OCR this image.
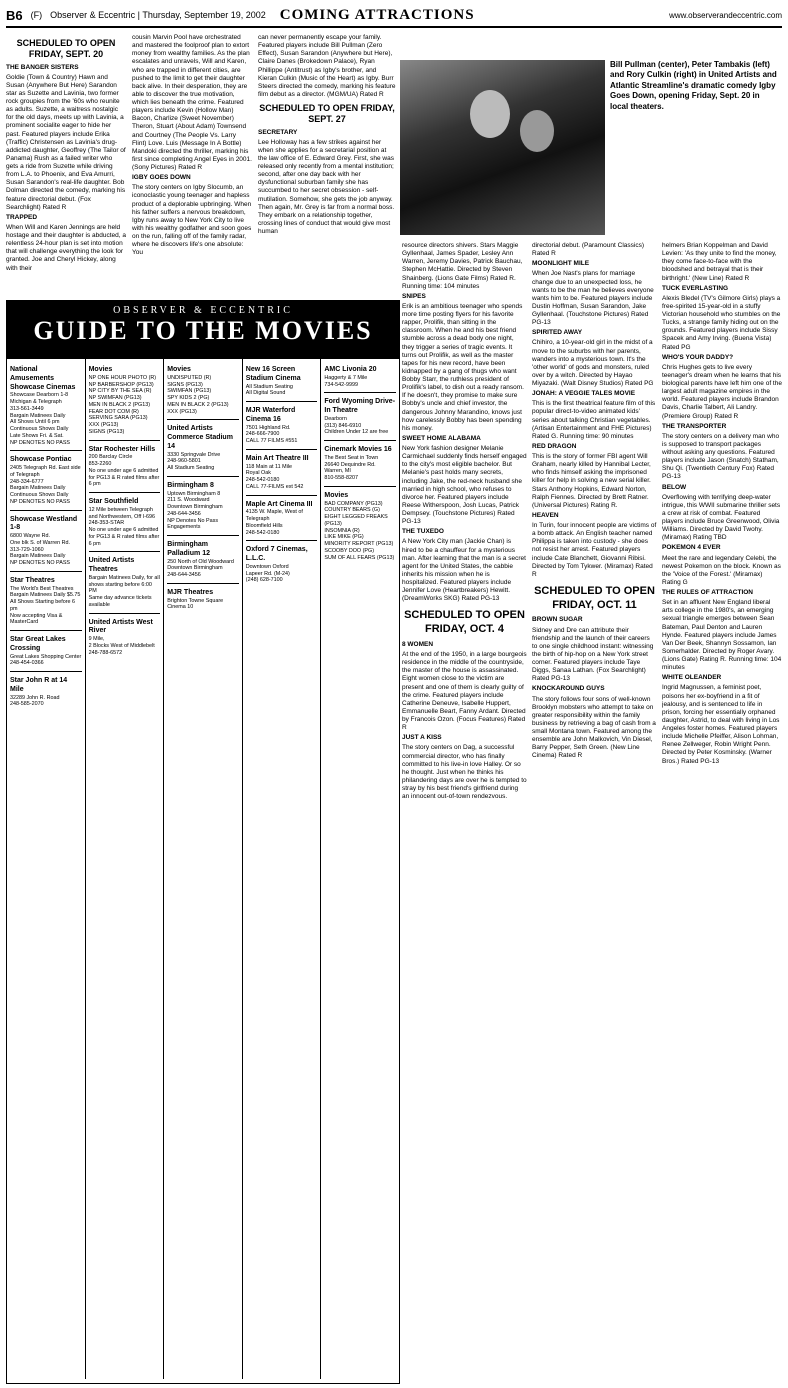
B6 (F) Observer & Eccentric | Thursday, September 19, 2002 COMING ATTRACTIONS	www.observerandeccentric.com
SCHEDULED TO OPEN FRIDAY, SEPT. 20

THE BANGER SISTERS

Goldie (Town & Country) Hawn and Susan (Anywhere But Here) Sarandon star as Suzette and Lavinia, two former rock groupies from the '60s who reunite as adults. Suzette, a waitress nostalgic for the old days, meets up with Lavinia, a prominent socialite eager to hide her past. Featured players include Erika (Traffic) Christensen as Lavinia's drug-addicted daughter, Geoffrey (The Tailor of Panama) Rush as a failed writer who gets a ride from Suzette while driving from L.A. to Phoenix, and Eva Amurri, Susan Sarandon's real-life daughter. Bob Dolman directed the comedy, marking his feature directorial debut. (Fox Searchlight) Rated R

TRAPPED

When Will and Karen Jennings are held hostage and their daughter is abducted, a relentless 24-hour plan is set into motion that will challenge everything the look for granted. Joe and Cheryl Hickey, along with their

cousin Marvin Pool have orchestrated and mastered the foolproof plan to extort money from wealthy families. As the plan escalates and unravels, Will and Karen, who are trapped in different cities, are pushed to the limit to get their daughter back alive. In their desperation, they are able to discover the true motivation, which lies beneath the crime. Featured players include Kevin (Hollow Man) Bacon, Charlize (Sweet November) Theron, Stuart (About Adam) Townsend and Courtney (The People Vs. Larry Flint) Love. Luis (Message In A Bottle) Mandoki directed the thriller, marking his first since completing Angel Eyes in 2001. (Sony Pictures) Rated R

IGBY GOES DOWN

The story centers on Igby Slocumb, an iconoclastic young teenager and hapless product of a deplorable upbringing. When his father suffers a nervous breakdown, Igby runs away to New York City to live with his wealthy godfather and soon goes on the run, falling off of the family radar, where he discovers life's one absolute: You

can never permanently escape your family. Featured players include Bill Pullman (Zero Effect), Susan Sarandon (Anywhere but Here), Claire Danes (Brokedown Palace), Ryan Phillippe (Antitrust) as Igby's brother, and Kieran Culkin (Music of the Heart) as Igby. Burr Steers directed the comedy, marking his feature film debut as a director. (MGM/UA) Rated R

SCHEDULED TO OPEN FRIDAY, SEPT. 27

SECRETARY

Lee Holloway has a few strikes against her when she applies for a secretarial position at the law office of E. Edward Grey. First, she was released only recently from a mental institution; second, after one day back with her dysfunctional suburban family she has succumbed to her secret obsession - self-mutilation. Somehow, she gets the job anyway. Then again, Mr. Grey is far from a normal boss. They embark on a relationship together, crossing lines of conduct that would give most human

Bill Pullman (center), Peter Tambakis (left) and Rory Culkin (right) in United Artists and Atlantic Streamline's dramatic comedy Igby Goes Down, opening Friday, Sept. 20 in local theaters.
OBSERVER & ECCENTRIC
GUIDE TO THE MOVIES
National Amusements Showcase Cinemas
Showcase Dearborn 1-8
Michigan & Telegraph
313-561-3449
Bargain Matinees Daily
All Shows Until 6 pm
Continuous Shows Daily
Late Shows Fri. & Sat.
NP DENOTES NO PASS
Showcase Pontiac
2405 Telegraph Rd. East side of Telegraph
248-334-6777
Bargain Matinees Daily
Continuous Shows Daily
NP DENOTES NO PASS
Showcase Westland 1-8
6800 Wayne Rd.
One blk S. of Warren Rd.
313-729-1060
Bargain Matinees Daily
NP DENOTES NO PASS
Star Theatres
The World's Best Theatres
Bargain Matinees Daily $5.75
All Shows Starting before 6 pm
Now accepting Visa & MasterCard
Star Great Lakes Crossing
Great Lakes Shopping Center
248-454-0366
Star John R at 14 Mile
32289 John R. Road
248-585-2070
Movies
NP ONE HOUR PHOTO (R)
NP BARBERSHOP (PG13)
NP CITY BY THE SEA (R)
NP SWIMFAN (PG13)
MEN IN BLACK 2 (PG13)
FEAR DOT COM (R)
SERVING SARA (PG13)
XXX (PG13)
SIGNS (PG13)
Star Rochester Hills
200 Barclay Circle
853-2260
No one under age 6 admitted for PG13 & R rated films after 6 pm
Star Southfield
12 Mile between Telegraph and Northwestern, Off I-696
248-353-STAR
No one under age 6 admitted for PG13 & R rated films after 6 pm
United Artists Theatres
Bargain Matinees Daily, for all shows starting before 6:00 PM
Same day advance tickets available
United Artists West River
9 Mile,
2 Blocks West of Middlebelt
248-788-6572
Movies
UNDISPUTED (R)
SIGNS (PG13)
SWIMFAN (PG13)
SPY KIDS 2 (PG)
MEN IN BLACK 2 (PG13)
XXX (PG13)
United Artists Commerce Stadium 14
3330 Springvale Drive
248-960-5801
All Stadium Seating
Birmingham 8
Uptown Birmingham 8
211 S. Woodward
Downtown Birmingham
248-644-3456
NP Denotes No Pass Engagements
Birmingham Palladium 12
250 North of Old Woodward
Downtown Birmingham
248-644-3456
MJR Theatres
Brighton Towne Square
Cinema 10
New 16 Screen Stadium Cinema
All Stadium Seating
All Digital Sound
MJR Waterford Cinema 16
7501 Highland Rd.
248-666-7900
CALL 77 FILMS #551
Main Art Theatre III
118 Main at 11 Mile
Royal Oak
248-542-0180
CALL 77-FILMS ext 542
Maple Art Cinema III
4135 W. Maple, West of Telegraph
Bloomfield Hills
248-542-0180
Oxford 7 Cinemas, L.L.C.
Downtown Oxford
Lapeer Rd. (M-24)
(248) 628-7100
AMC Livonia 20
Haggerty & 7 Mile
734-542-9999
Ford Wyoming Drive-In Theatre
Dearborn
(313) 846-6910
Children Under 12 are free
Cinemark Movies 16
The Best Seat in Town
26640 Dequindre Rd.
Warren, MI
810-558-8207
Movies
BAD COMPANY (PG13)
COUNTRY BEARS (G)
EIGHT LEGGED FREAKS (PG13)
INSOMNIA (R)
LIKE MIKE (PG)
MINORITY REPORT (PG13)
SCOOBY DOO (PG)
SUM OF ALL FEARS (PG13)

resource directors shivers. Stars Maggie Gyllenhaal, James Spader, Lesley Ann Warren, Jeremy Davies, Patrick Bauchau, Stephen McHattie. Directed by Steven Shainberg. (Lions Gate Films) Rated R. Running time: 104 minutes

SNIPES

Erik is an ambitious teenager who spends more time posting flyers for his favorite rapper, Prolifik, than sitting in the classroom. When he and his best friend stumble across a dead body one night, they trigger a series of tragic events. It turns out Prolifik, as well as the master tapes for his new record, have been kidnapped by a gang of thugs who want Bobby Starr, the ruthless president of Prolifik's label, to dish out a ready ransom. If he doesn't, they promise to make sure Bobby's uncle and chief investor, the dangerous Johnny Marandino, knows just how carelessly Bobby has been spending his money.

SWEET HOME ALABAMA

New York fashion designer Melanie Carmichael suddenly finds herself engaged to the city's most eligible bachelor. But Melanie's past holds many secrets, including Jake, the red-neck husband she married in high school, who refuses to divorce her. Featured players include Reese Witherspoon, Josh Lucas, Patrick Dempsey. (Touchstone Pictures) Rated PG-13

THE TUXEDO

A New York City man (Jackie Chan) is hired to be a chauffeur for a mysterious man. After learning that the man is a secret agent for the United States, the cabbie inherits his mission when he is hospitalized. Featured players include Jennifer Love (Heartbreakers) Hewitt. (DreamWorks SKG) Rated PG-13

SCHEDULED TO OPEN FRIDAY, OCT. 4

8 WOMEN

At the end of the 1950, in a large bourgeois residence in the middle of the countryside, the master of the house is assassinated. Eight women close to the victim are present and one of them is clearly guilty of the crime. Featured players include Catherine Deneuve, Isabelle Huppert, Emmanuelle Beart, Fanny Ardant. Directed by Francois Ozon. (Focus Features) Rated R

JUST A KISS

The story centers on Dag, a successful commercial director, who has finally committed to his live-in love Halley. Or so he thought. Just when he thinks his philandering days are over he is tempted to stray by his best friend's girlfriend during an innocent out-of-town rendezvous.

directorial debut. (Paramount Classics) Rated R

MOONLIGHT MILE

When Joe Nast's plans for marriage change due to an unexpected loss, he wants to be the man he believes everyone wants him to be. Featured players include Dustin Hoffman, Susan Sarandon, Jake Gyllenhaal. (Touchstone Pictures) Rated PG-13

SPIRITED AWAY

Chihiro, a 10-year-old girl in the midst of a move to the suburbs with her parents, wanders into a mysterious town. It's the 'other world' of gods and monsters, ruled over by a witch. Directed by Hayao Miyazaki. (Walt Disney Studios) Rated PG

JONAH: A VEGGIE TALES MOVIE

This is the first theatrical feature film of this popular direct-to-video animated kids' series about talking Christian vegetables. (Artisan Entertainment and FHE Pictures) Rated G. Running time: 90 minutes

RED DRAGON

This is the story of former FBI agent Will Graham, nearly killed by Hannibal Lecter, who finds himself asking the imprisoned killer for help in solving a new serial killer. Stars Anthony Hopkins, Edward Norton, Ralph Fiennes. Directed by Brett Ratner. (Universal Pictures) Rating R.

HEAVEN

In Turin, four innocent people are victims of a bomb attack. An English teacher named Philippa is taken into custody - she does not resist her arrest. Featured players include Cate Blanchett, Giovanni Ribisi. Directed by Tom Tykwer. (Miramax) Rated R

SCHEDULED TO OPEN FRIDAY, OCT. 11

BROWN SUGAR

Sidney and Dre can attribute their friendship and the launch of their careers to one single childhood instant: witnessing the birth of hip-hop on a New York street corner. Featured players include Taye Diggs, Sanaa Lathan. (Fox Searchlight) Rated PG-13

KNOCKAROUND GUYS

The story follows four sons of well-known Brooklyn mobsters who attempt to take on greater responsibility within the family business by retrieving a bag of cash from a small Montana town. Featured among the ensemble are John Malkovich, Vin Diesel, Barry Pepper, Seth Green. (New Line Cinema) Rated R

helmers Brian Koppelman and David Levien: 'As they unite to find the money, they come face-to-face with the bloodshed and betrayal that is their birthright.' (New Line) Rated R

TUCK EVERLASTING

Alexis Bledel (TV's Gilmore Girls) plays a free-spirited 15-year-old in a stuffy Victorian household who stumbles on the Tucks, a strange family hiding out on the grounds. Featured players include Sissy Spacek and Amy Irving. (Buena Vista) Rated PG

WHO'S YOUR DADDY?

Chris Hughes gets to live every teenager's dream when he learns that his biological parents have left him one of the largest adult magazine empires in the world. Featured players include Brandon Davis, Charlie Talbert, Ali Landry. (Premiere Group) Rated R

THE TRANSPORTER

The story centers on a delivery man who is supposed to transport packages without asking any questions. Featured players include Jason (Snatch) Statham, Shu Qi. (Twentieth Century Fox) Rated PG-13

BELOW

Overflowing with terrifying deep-water intrigue, this WWII submarine thriller sets a crew at risk of combat. Featured players include Bruce Greenwood, Olivia Williams. Directed by David Twohy. (Miramax) Rating TBD

POKEMON 4 EVER

Meet the rare and legendary Celebi, the newest Pokemon on the block. Known as the 'Voice of the Forest.' (Miramax) Rating G

THE RULES OF ATTRACTION

Set in an affluent New England liberal arts college in the 1980's, an emerging sexual triangle emerges between Sean Bateman, Paul Denton and Lauren Hynde. Featured players include James Van Der Beek, Shannyn Sossamon, Ian Somerhalder. Directed by Roger Avary. (Lions Gate) Rating R. Running time: 104 minutes

WHITE OLEANDER

Ingrid Magnussen, a feminist poet, poisons her ex-boyfriend in a fit of jealousy, and is sentenced to life in prison, forcing her essentially orphaned daughter, Astrid, to deal with living in Los Angeles foster homes. Featured players include Michelle Pfeiffer, Alison Lohman, Renee Zellweger, Robin Wright Penn. Directed by Peter Kosminsky. (Warner Bros.) Rated PG-13
